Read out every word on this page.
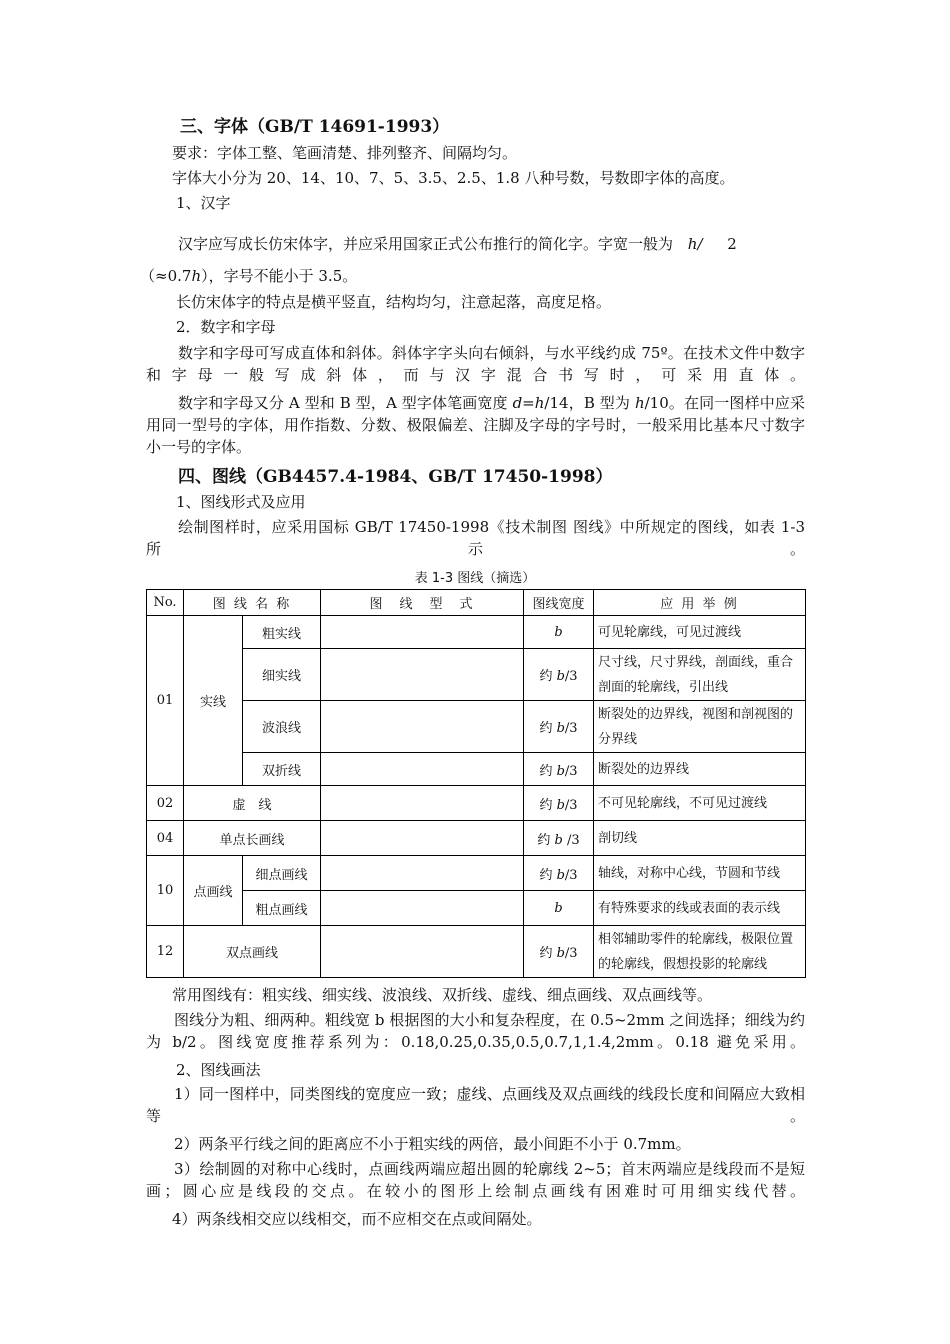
三、字体（GB/T 14691-1993）
要求：字体工整、笔画清楚、排列整齐、间隔均匀。
字体大小分为 20、14、10、7、5、3.5、2.5、1.8 八种号数，号数即字体的高度。
1、汉字
汉字应写成长仿宋体字，并应采用国家正式公布推行的简化字。字宽一般为 h/ 2
（≈0.7h），字号不能小于 3.5。
长仿宋体字的特点是横平竖直，结构均匀，注意起落，高度足格。
2．数字和字母
数字和字母可写成直体和斜体。斜体字字头向右倾斜，与水平线约成 75º。在技术文件中数字和字母一般写成斜体，而与汉字混合书写时，可采用直体。
数字和字母又分 A 型和 B 型，A 型字体笔画宽度 d=h/14，B 型为 h/10。在同一图样中应采用同一型号的字体，用作指数、分数、极限偏差、注脚及字母的字号时，一般采用比基本尺寸数字小一号的字体。
四、图线（GB4457.4-1984、GB/T 17450-1998）
1、图线形式及应用
绘制图样时，应采用国标 GB/T 17450-1998《技术制图 图线》中所规定的图线，如表 1-3 所示。
表 1-3 图线（摘选）
No.	图 线 名 称		图　线　型　式	图线宽度	应 用 举 例
01	实线	粗实线		b	可见轮廓线，可见过渡线
		细实线		约 b/3	尺寸线，尺寸界线，剖面线，重合剖面的轮廓线，引出线
		波浪线		约 b/3	断裂处的边界线，视图和剖视图的分界线
		双折线		约 b/3	断裂处的边界线
02	虚　线			约 b/3	不可见轮廓线，不可见过渡线
04	单点长画线			约 b /3	剖切线
10	点画线	细点画线		约 b/3	轴线，对称中心线，节圆和节线
		粗点画线		b	有特殊要求的线或表面的表示线
12	双点画线			约 b/3	相邻辅助零件的轮廓线，极限位置的轮廓线，假想投影的轮廓线
常用图线有：粗实线、细实线、波浪线、双折线、虚线、细点画线、双点画线等。
图线分为粗、细两种。粗线宽 b 根据图的大小和复杂程度，在 0.5~2mm 之间选择；细线为约为 b/2。图线宽度推荐系列为：0.18,0.25,0.35,0.5,0.7,1,1.4,2mm。0.18 避免采用。
2、图线画法
1）同一图样中，同类图线的宽度应一致；虚线、点画线及双点画线的线段长度和间隔应大致相等。
2）两条平行线之间的距离应不小于粗实线的两倍，最小间距不小于 0.7mm。
3）绘制圆的对称中心线时，点画线两端应超出圆的轮廓线 2~5；首末两端应是线段而不是短画；圆心应是线段的交点。在较小的图形上绘制点画线有困难时可用细实线代替。
4）两条线相交应以线相交，而不应相交在点或间隔处。
